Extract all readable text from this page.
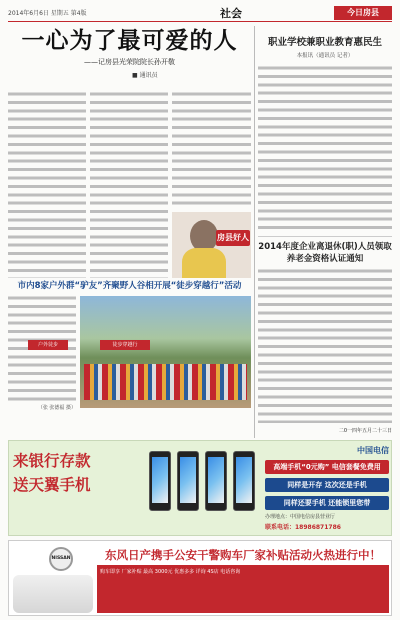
2014年6月6日 星期五 第4版	社会	今日房县
一心为了最可爱的人
——记房县光荣院院长孙开敬
■ 通讯员
房县好人
职业学校兼职业教育惠民生
本报讯（通讯员 记者）
2014年度企业离退休(职)人员领取养老金资格认证通知
二0一四年五月二十三日
市内8家户外群“驴友”齐聚野人谷相开展“徒步穿越行”活动
户外徒步	徒步穿越行
（张 张德福 摄）
来银行存款
送天翼手机
中国电信
高端手机“0元购” 电信套餐免费用
同样是开存 这次还是手机
同样还要手机 还能锁里您带
办理地点：中国电信房县营业厅
联系电话：18986871786
NISSAN	东风日产携手公安干警购车厂家补贴活动火热进行中！
购车即享 厂家补贴 最高 3000元 优惠多多 详询 4S店 电话咨询
